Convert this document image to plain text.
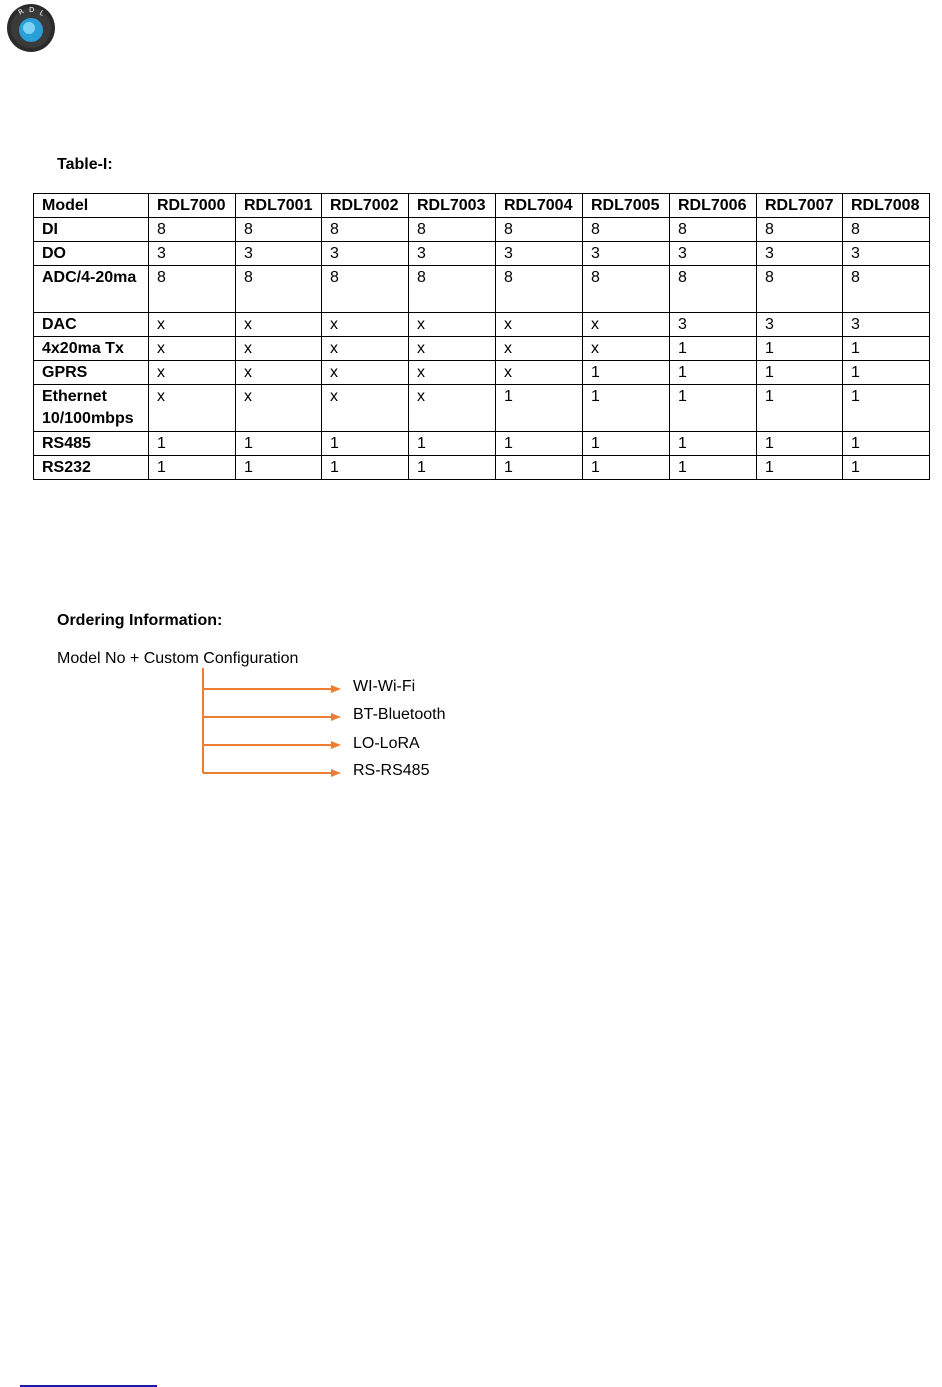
R D L
Table-I:
Model	RDL7000	RDL7001	RDL7002	RDL7003	RDL7004	RDL7005	RDL7006	RDL7007	RDL7008
DI	8	8	8	8	8	8	8	8	8
DO	3	3	3	3	3	3	3	3	3
ADC/4-20ma	8	8	8	8	8	8	8	8	8
DAC	x	x	x	x	x	x	3	3	3
4x20ma Tx	x	x	x	x	x	x	1	1	1
GPRS	x	x	x	x	x	1	1	1	1
Ethernet 10/100mbps	x	x	x	x	1	1	1	1	1
RS485	1	1	1	1	1	1	1	1	1
RS232	1	1	1	1	1	1	1	1	1
Ordering Information:
Model No + Custom Configuration
WI-Wi-Fi
BT-Bluetooth
LO-LoRA
RS-RS485
